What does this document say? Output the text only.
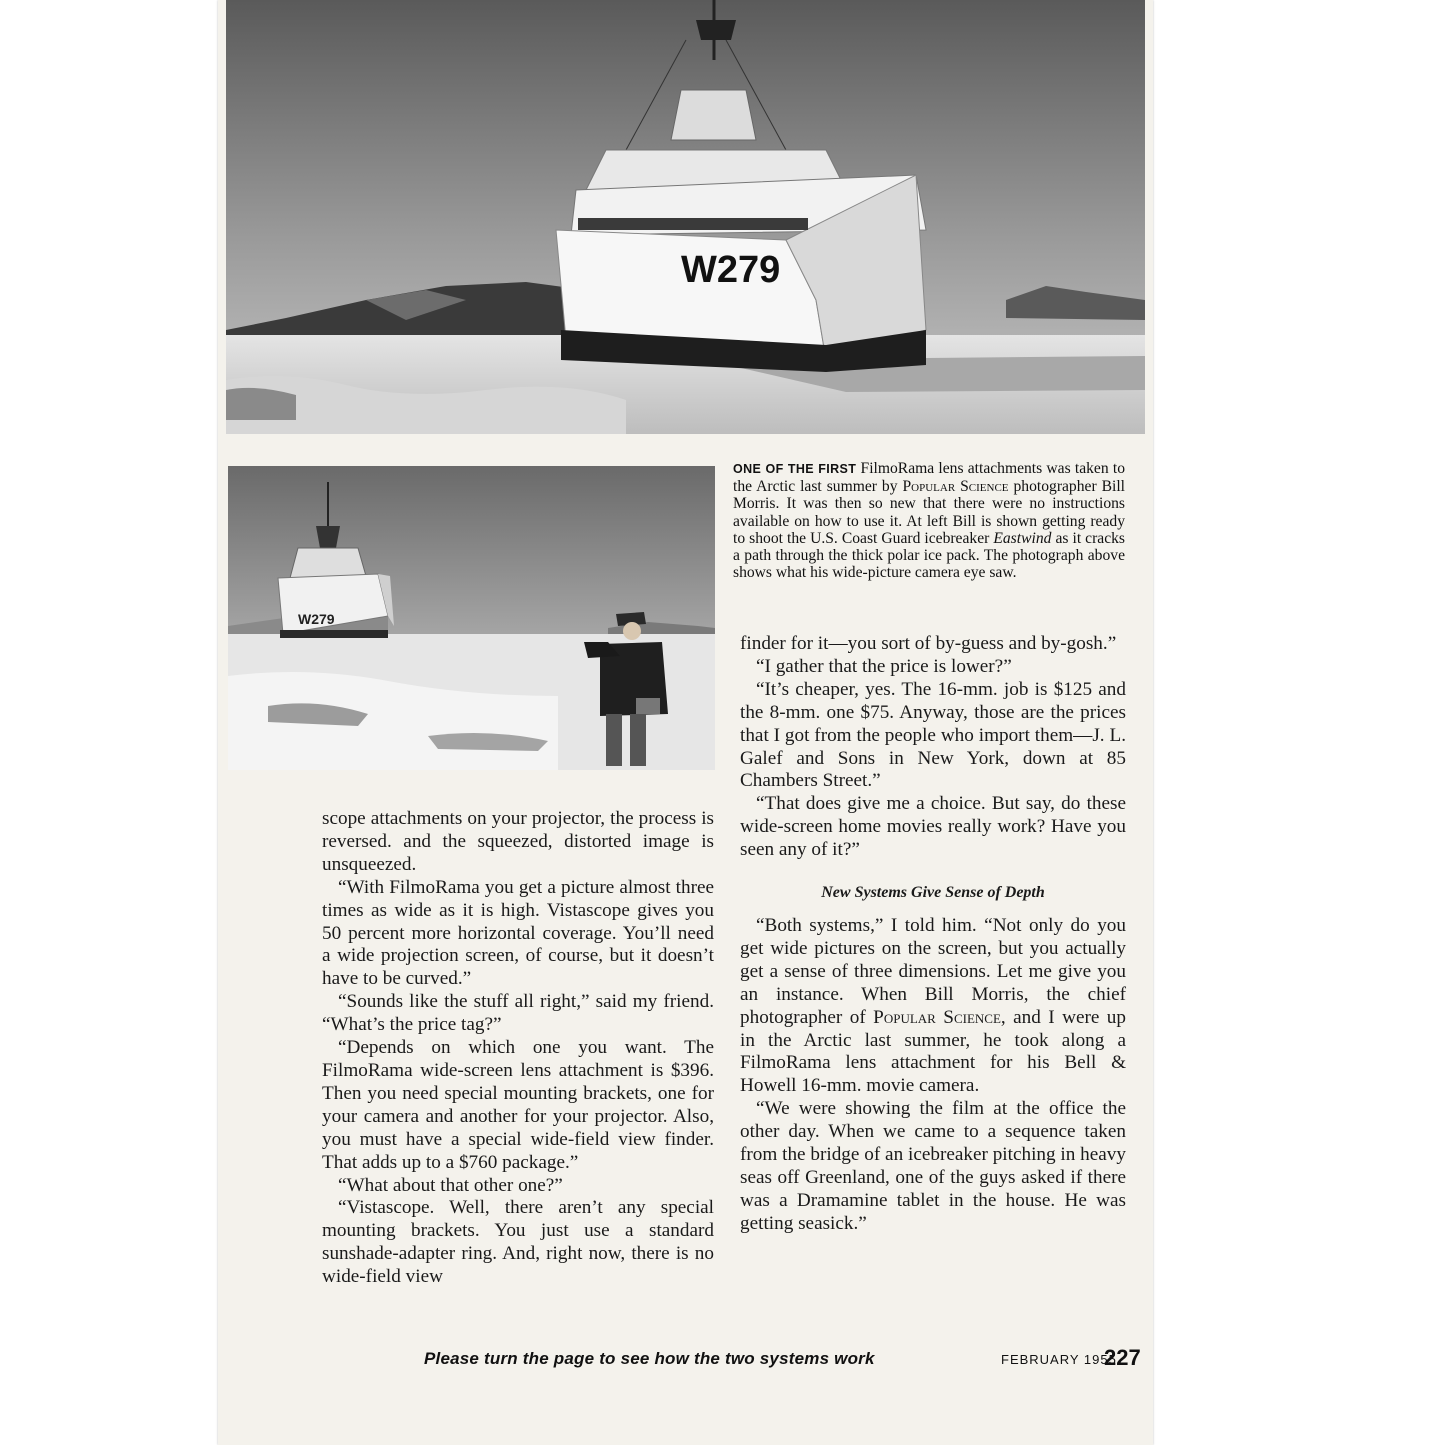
W279
W279
ONE OF THE FIRST FilmoRama lens attachments was taken to the Arctic last summer by Popular Science photographer Bill Morris. It was then so new that there were no instructions available on how to use it. At left Bill is shown getting ready to shoot the U.S. Coast Guard icebreaker Eastwind as it cracks a path through the thick polar ice pack. The photograph above shows what his wide-picture camera eye saw.

scope attachments on your projector, the process is reversed. and the squeezed, distorted image is unsqueezed.

“With FilmoRama you get a picture almost three times as wide as it is high. Vistascope gives you 50 percent more horizontal coverage. You’ll need a wide projection screen, of course, but it doesn’t have to be curved.”

“Sounds like the stuff all right,” said my friend. “What’s the price tag?”

“Depends on which one you want. The FilmoRama wide-screen lens attachment is $396. Then you need special mounting brackets, one for your camera and another for your projector. Also, you must have a special wide-field view finder. That adds up to a $760 package.”

“What about that other one?”

“Vistascope. Well, there aren’t any special mounting brackets. You just use a standard sunshade-adapter ring. And, right now, there is no wide-field view

finder for it—you sort of by-guess and by-gosh.”

“I gather that the price is lower?”

“It’s cheaper, yes. The 16-mm. job is $125 and the 8-mm. one $75. Anyway, those are the prices that I got from the people who import them—J. L. Galef and Sons in New York, down at 85 Chambers Street.”

“That does give me a choice. But say, do these wide-screen home movies really work? Have you seen any of it?”

New Systems Give Sense of Depth

“Both systems,” I told him. “Not only do you get wide pictures on the screen, but you actually get a sense of three dimensions. Let me give you an instance. When Bill Morris, the chief photographer of Popular Science, and I were up in the Arctic last summer, he took along a FilmoRama lens attachment for his Bell & Howell 16-mm. movie camera.

“We were showing the film at the office the other day. When we came to a sequence taken from the bridge of an icebreaker pitching in heavy seas off Greenland, one of the guys asked if there was a Dramamine tablet in the house. He was getting seasick.”

Please turn the page to see how the two systems work	FEBRUARY 1955
227
